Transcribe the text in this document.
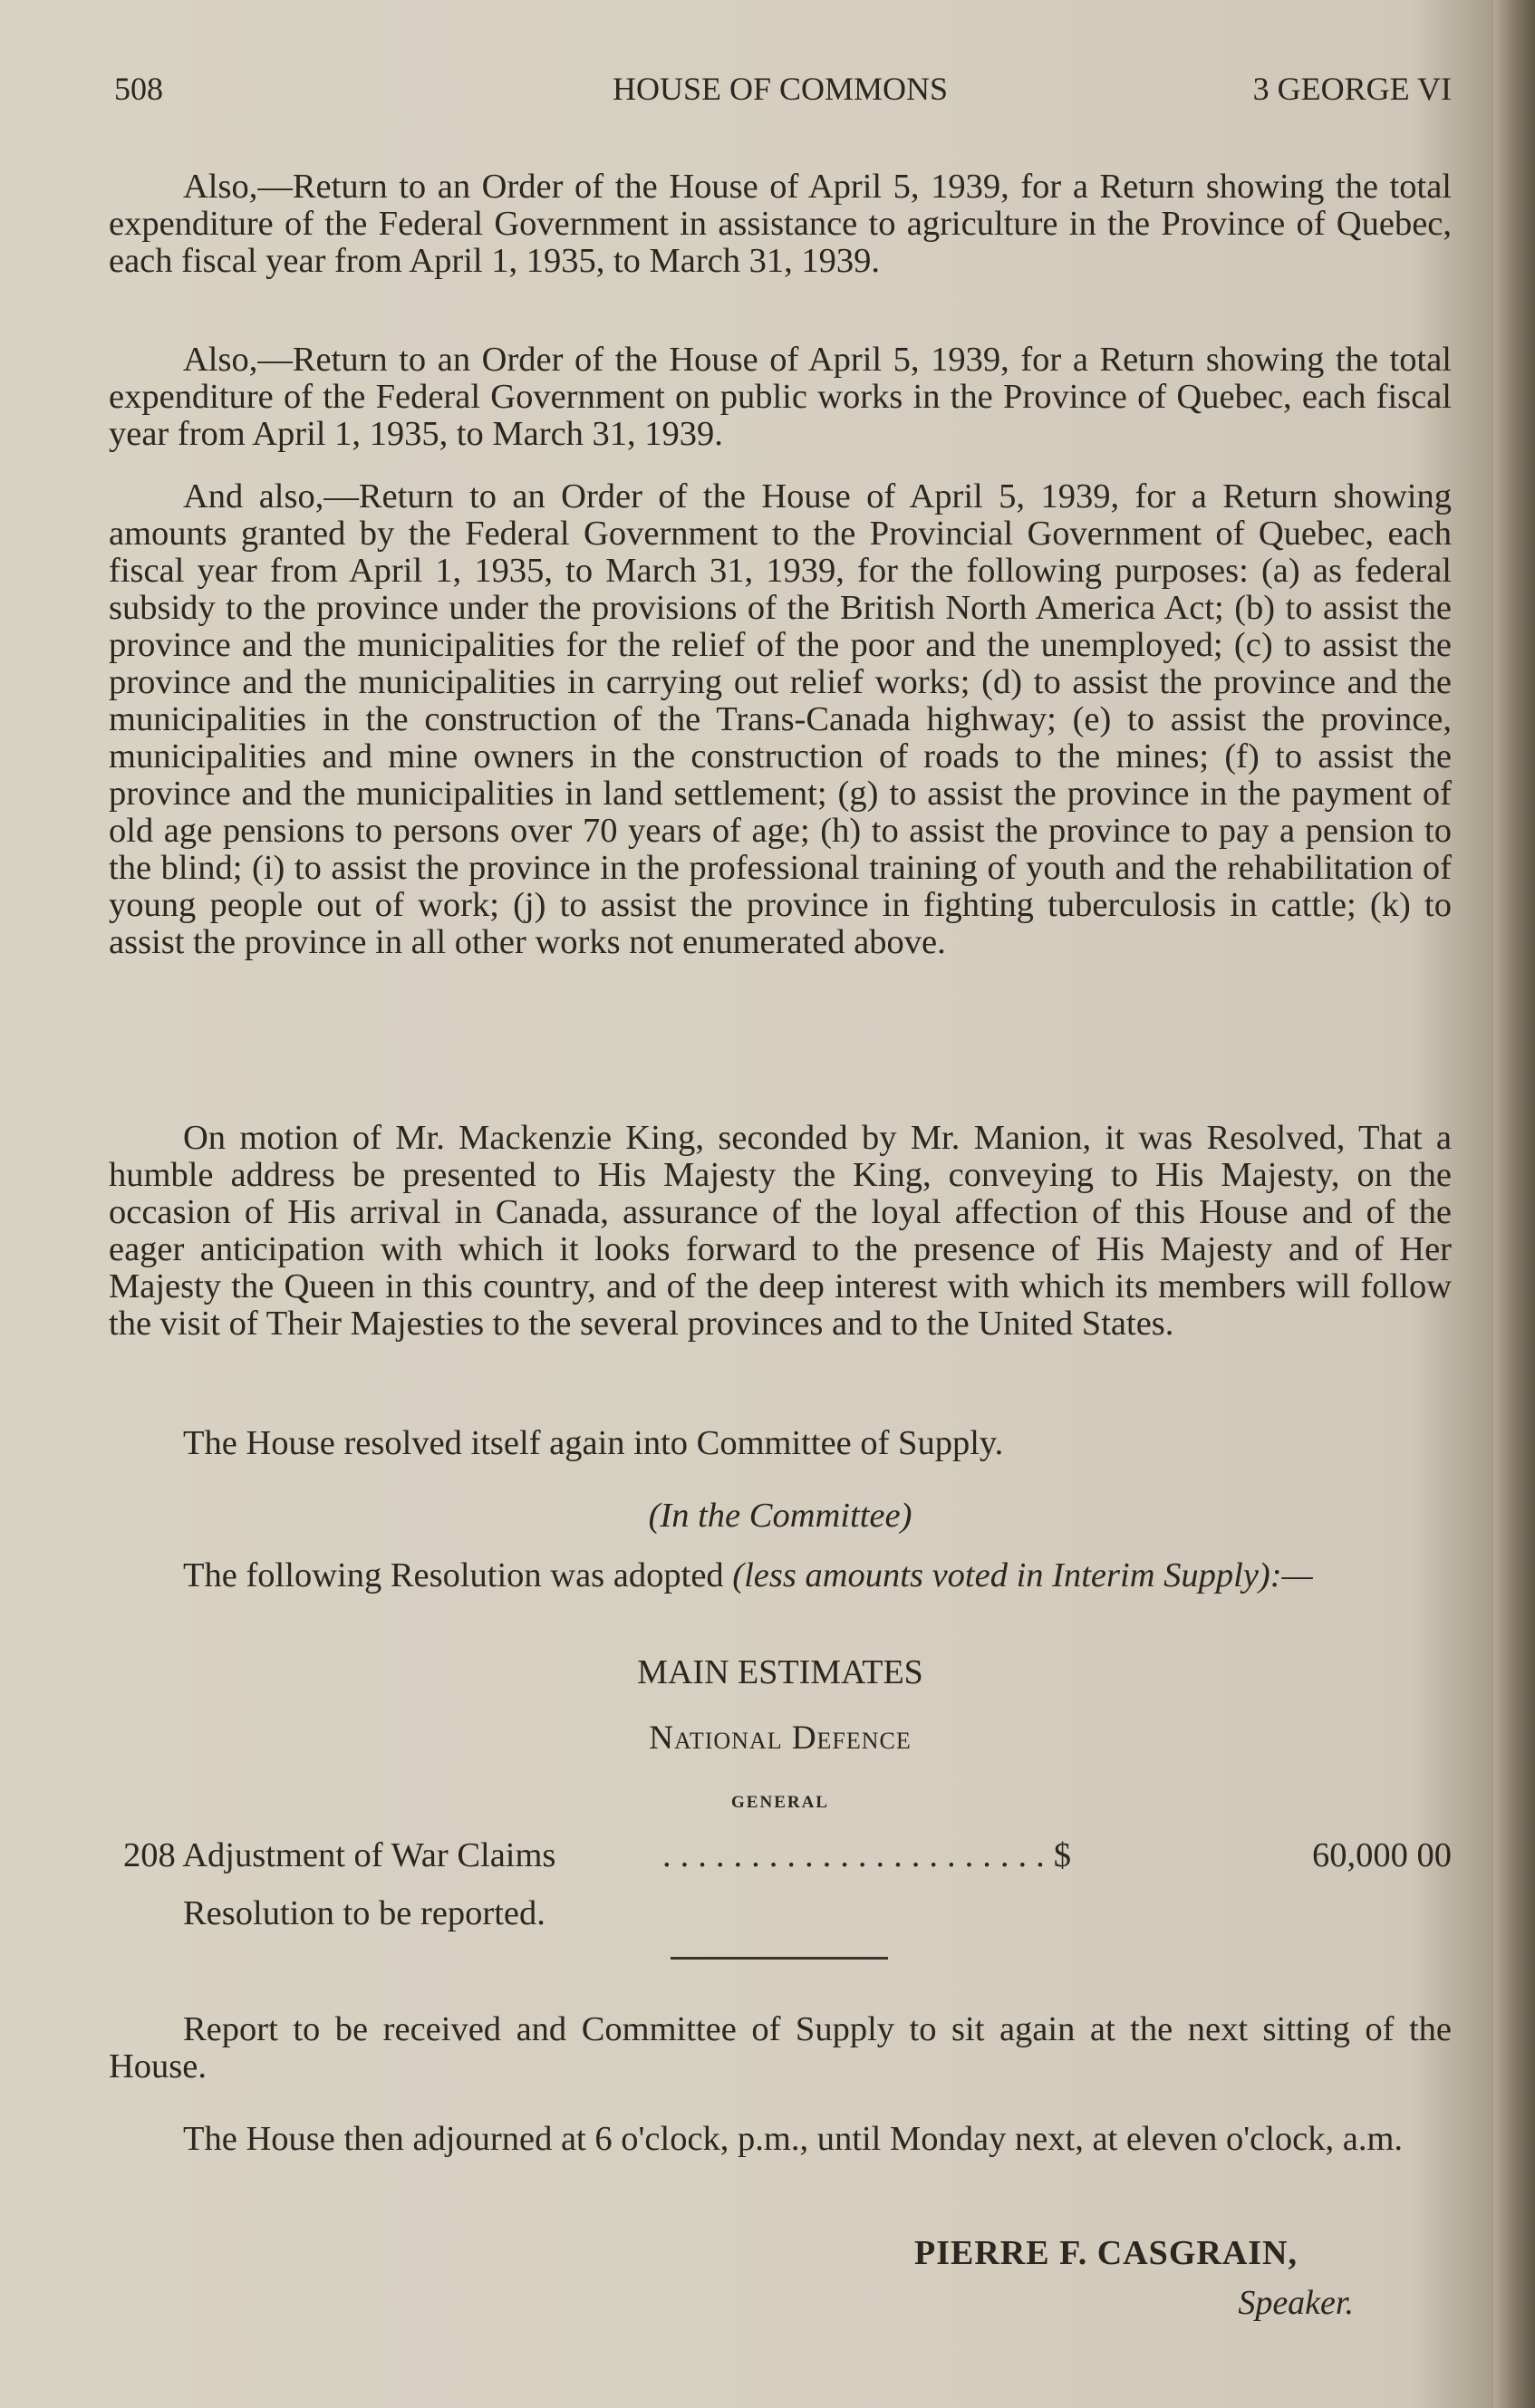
508	HOUSE OF COMMONS	3 GEORGE VI

Also,—Return to an Order of the House of April 5, 1939, for a Return showing the total expenditure of the Federal Government in assistance to agriculture in the Province of Quebec, each fiscal year from April 1, 1935, to March 31, 1939.

Also,—Return to an Order of the House of April 5, 1939, for a Return showing the total expenditure of the Federal Government on public works in the Province of Quebec, each fiscal year from April 1, 1935, to March 31, 1939.

And also,—Return to an Order of the House of April 5, 1939, for a Return showing amounts granted by the Federal Government to the Provincial Government of Quebec, each fiscal year from April 1, 1935, to March 31, 1939, for the following purposes: (a) as federal subsidy to the province under the provisions of the British North America Act; (b) to assist the province and the municipalities for the relief of the poor and the unemployed; (c) to assist the province and the municipalities in carrying out relief works; (d) to assist the province and the municipalities in the construction of the Trans-Canada highway; (e) to assist the province, municipalities and mine owners in the construction of roads to the mines; (f) to assist the province and the municipalities in land settlement; (g) to assist the province in the payment of old age pensions to persons over 70 years of age; (h) to assist the province to pay a pension to the blind; (i) to assist the province in the professional training of youth and the rehabilitation of young people out of work; (j) to assist the province in fighting tuberculosis in cattle; (k) to assist the province in all other works not enumerated above.

On motion of Mr. Mackenzie King, seconded by Mr. Manion, it was Resolved, That a humble address be presented to His Majesty the King, conveying to His Majesty, on the occasion of His arrival in Canada, assurance of the loyal affection of this House and of the eager anticipation with which it looks forward to the presence of His Majesty and of Her Majesty the Queen in this country, and of the deep interest with which its members will follow the visit of Their Majesties to the several provinces and to the United States.

The House resolved itself again into Committee of Supply.

(In the Committee)

The following Resolution was adopted (less amounts voted in Interim Supply):—

MAIN ESTIMATES
National Defence
general
208 Adjustment of War Claims	......................$	60,000 00
Resolution to be reported.

Report to be received and Committee of Supply to sit again at the next sitting of the House.

The House then adjourned at 6 o'clock, p.m., until Monday next, at eleven o'clock, a.m.

PIERRE F. CASGRAIN,
Speaker.
